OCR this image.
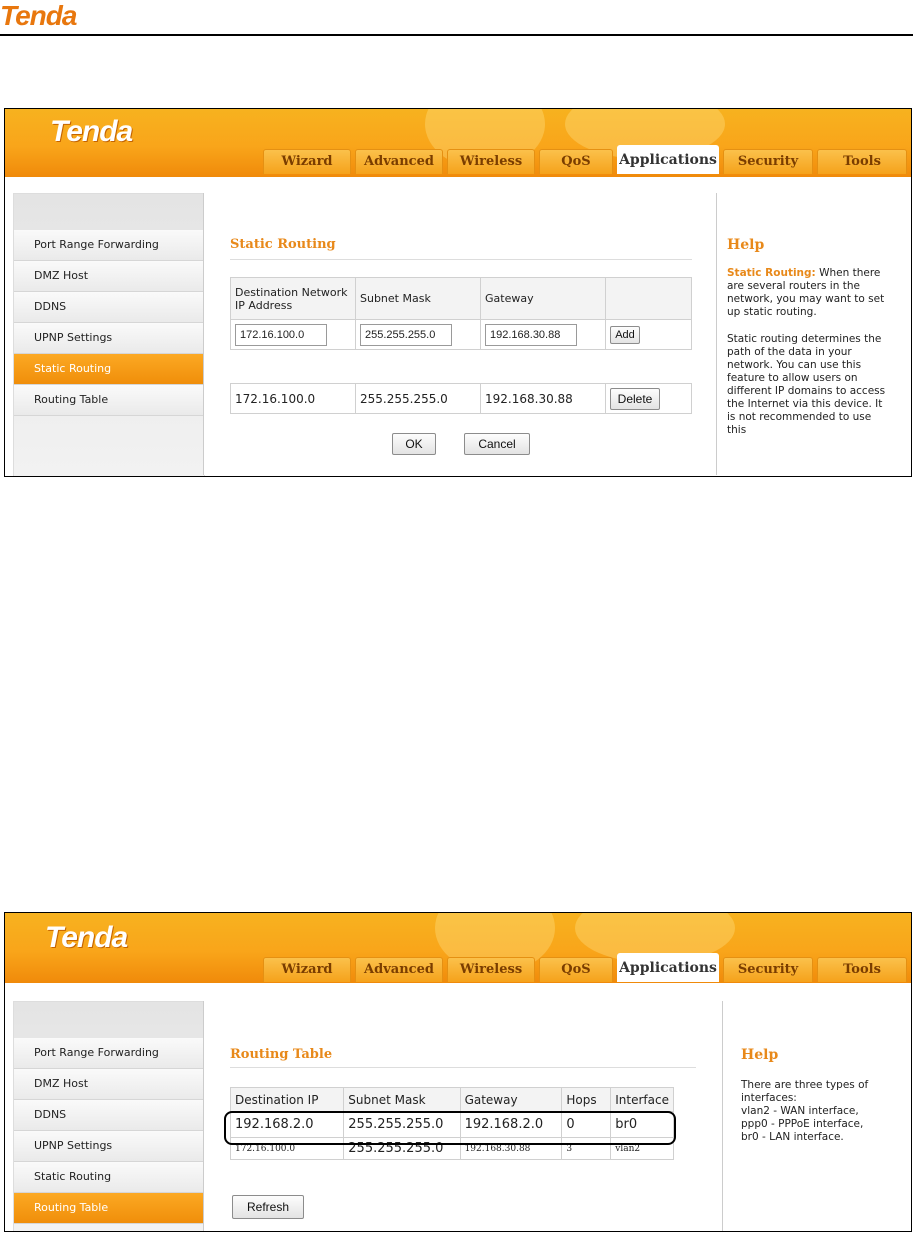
Tenda
Tenda
Wizard	Advanced	Wireless	QoS	Applications	Security	Tools
Port Range Forwarding
DMZ Host
DDNS
UPNP Settings
Static Routing
Routing Table
Static Routing
Destination Network IP Address	Subnet Mask	Gateway	
172.16.100.0	255.255.255.0	192.168.30.88	Add
172.16.100.0	255.255.255.0	192.168.30.88	Delete
OK	Cancel
Help
Static Routing: When there are several routers in the network, you may want to set up static routing.
Static routing determines the path of the data in your network. You can use this feature to allow users on different IP domains to access the Internet via this device. It is not recommended to use this
Tenda
Wizard	Advanced	Wireless	QoS	Applications	Security	Tools
Port Range Forwarding
DMZ Host
DDNS
UPNP Settings
Static Routing
Routing Table
Routing Table
Destination IP	Subnet Mask	Gateway	Hops	Interface
192.168.2.0	255.255.255.0	192.168.2.0	0	br0
172.16.100.0	255.255.255.0	192.168.30.88	3	vlan2
Refresh
Help
There are three types of interfaces:
vlan2 - WAN interface,
ppp0 - PPPoE interface,
br0 - LAN interface.
